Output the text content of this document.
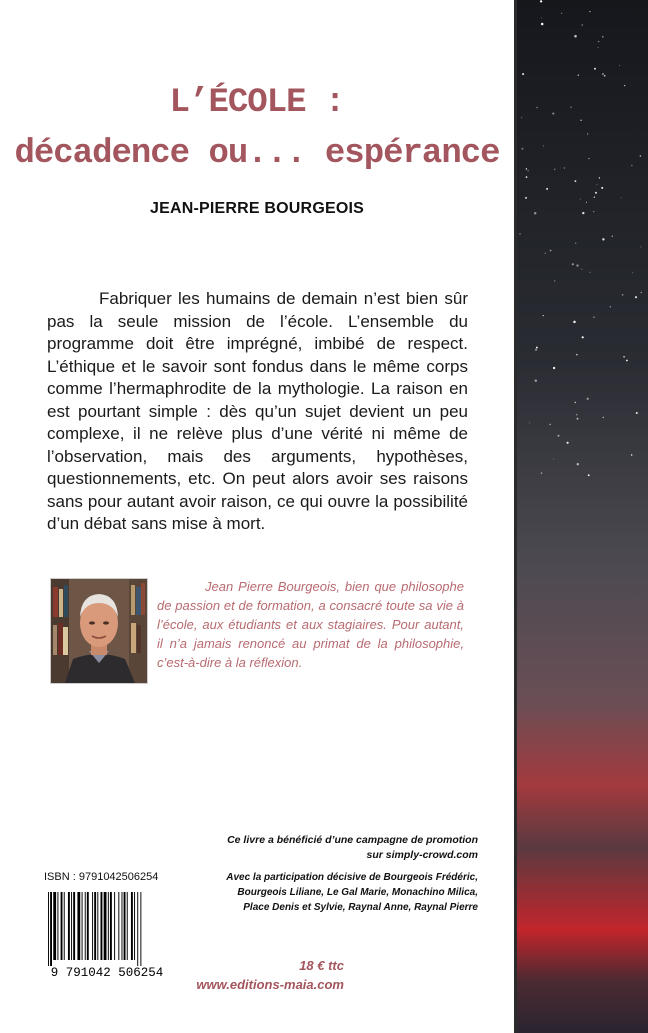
L’ÉCOLE :
décadence ou... espérance
JEAN-PIERRE BOURGEOIS

Fabriquer les humains de demain n’est bien sûr pas la seule mission de l’école. L’ensemble du programme doit être imprégné, imbibé de respect. L’éthique et le savoir sont fondus dans le même corps comme l’hermaphrodite de la mythologie. La raison en est pourtant simple : dès qu’un sujet devient un peu complexe, il ne relève plus d’une vérité ni même de l’observation, mais des arguments, hypothèses, questionnements, etc. On peut alors avoir ses raisons sans pour autant avoir raison, ce qui ouvre la possibilité d’un débat sans mise à mort.

Jean Pierre Bourgeois, bien que philosophe de passion et de formation, a consacré toute sa vie à l’école, aux étudiants et aux stagiaires. Pour autant, il n’a jamais renoncé au primat de la philosophie, c’est-à-dire à la réflexion.

Ce livre a bénéficié d’une campagne de promotion
sur simply-crowd.com
Avec la participation décisive de Bourgeois Frédéric,
Bourgeois Liliane, Le Gal Marie, Monachino Milica,
Place Denis et Sylvie, Raynal Anne, Raynal Pierre
ISBN : 9791042506254
9 791042 506254	18 € ttc
www.editions-maia.com
